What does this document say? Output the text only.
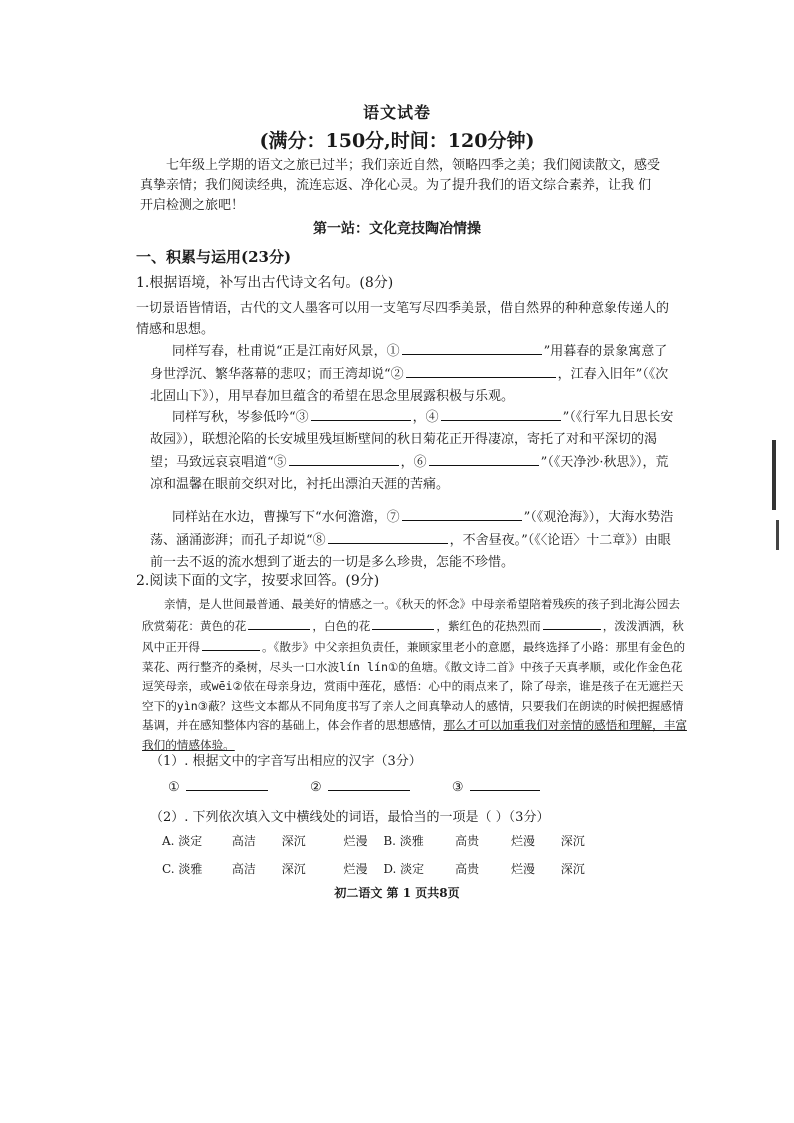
语文试卷
(满分：150分,时间：120分钟)
七年级上学期的语文之旅已过半；我们亲近自然，领略四季之美；我们阅读散文，感受真挚亲情；我们阅读经典，流连忘返、净化心灵。为了提升我们的语文综合素养，让我 们开启检测之旅吧！
第一站：文化竞技陶冶情操
一、积累与运用(23分)
1.根据语境，补写出古代诗文名句。(8分)
一切景语皆情语，古代的文人墨客可以用一支笔写尽四季美景，借自然界的种种意象传递人的情感和思想。
同样写春，杜甫说“正是江南好风景，①	”用暮春的景象寓意了身世浮沉、繁华落幕的悲叹；而王湾却说“②	，江春入旧年”（《次北固山下》），用早春加旦蕴含的希望在思念里展露积极与乐观。
同样写秋，岑参低吟“③	，④	”（《行军九日思长安故园》），联想沦陷的长安城里残垣断壁间的秋日菊花正开得凄凉，寄托了对和平深切的渴望；马致远哀哀唱道“⑤	，⑥	”（《天净沙·秋思》），荒凉和温馨在眼前交织对比，衬托出漂泊天涯的苦痛。
同样站在水边，曹操写下“水何澹澹，⑦	”（《观沧海》），大海水势浩荡、涵涌澎湃；而孔子却说“⑧	，不舍昼夜。”（《〈论语〉十二章》）由眼前一去不返的流水想到了逝去的一切是多么珍贵，怎能不珍惜。
2.阅读下面的文字，按要求回答。(9分)
亲情，是人世间最普通、最美好的情感之一。《秋天的怀念》中母亲希望陪着残疾的孩子到北海公园去欣赏菊花：黄色的花	，白色的花	，紫红色的花热烈而	，泼泼洒洒，秋风中正开得	。《散步》中父亲担负责任，兼顾家里老小的意愿，最终选择了小路：那里有金色的菜花、两行整齐的桑树，尽头一口水波lín lín①的鱼塘。《散文诗二首》中孩子天真孝顺，或化作金色花逗笑母亲，或wēi②依在母亲身边，赏雨中莲花，感悟：心中的雨点来了，除了母亲，谁是孩子在无遮拦天空下的yìn③蔽？这些文本都从不同角度书写了亲人之间真挚动人的感情，只要我们在朗读的时候把握感情基调，并在感知整体内容的基础上，体会作者的思想感情，那么才可以加重我们对亲情的感悟和理解，丰富我们的情感体验。
（1）. 根据文中的字音写出相应的汉字（3分）
①	②	③
（2）. 下列依次填入文中横线处的词语，最恰当的一项是（ ）（3分）
A. 淡定 高洁 深沉	烂漫 B. 淡雅	高贵	烂漫 深沉
C. 淡雅 高洁 深沉	烂漫 D. 淡定	高贵	烂漫 深沉
初二语文 第 1 页共8页
